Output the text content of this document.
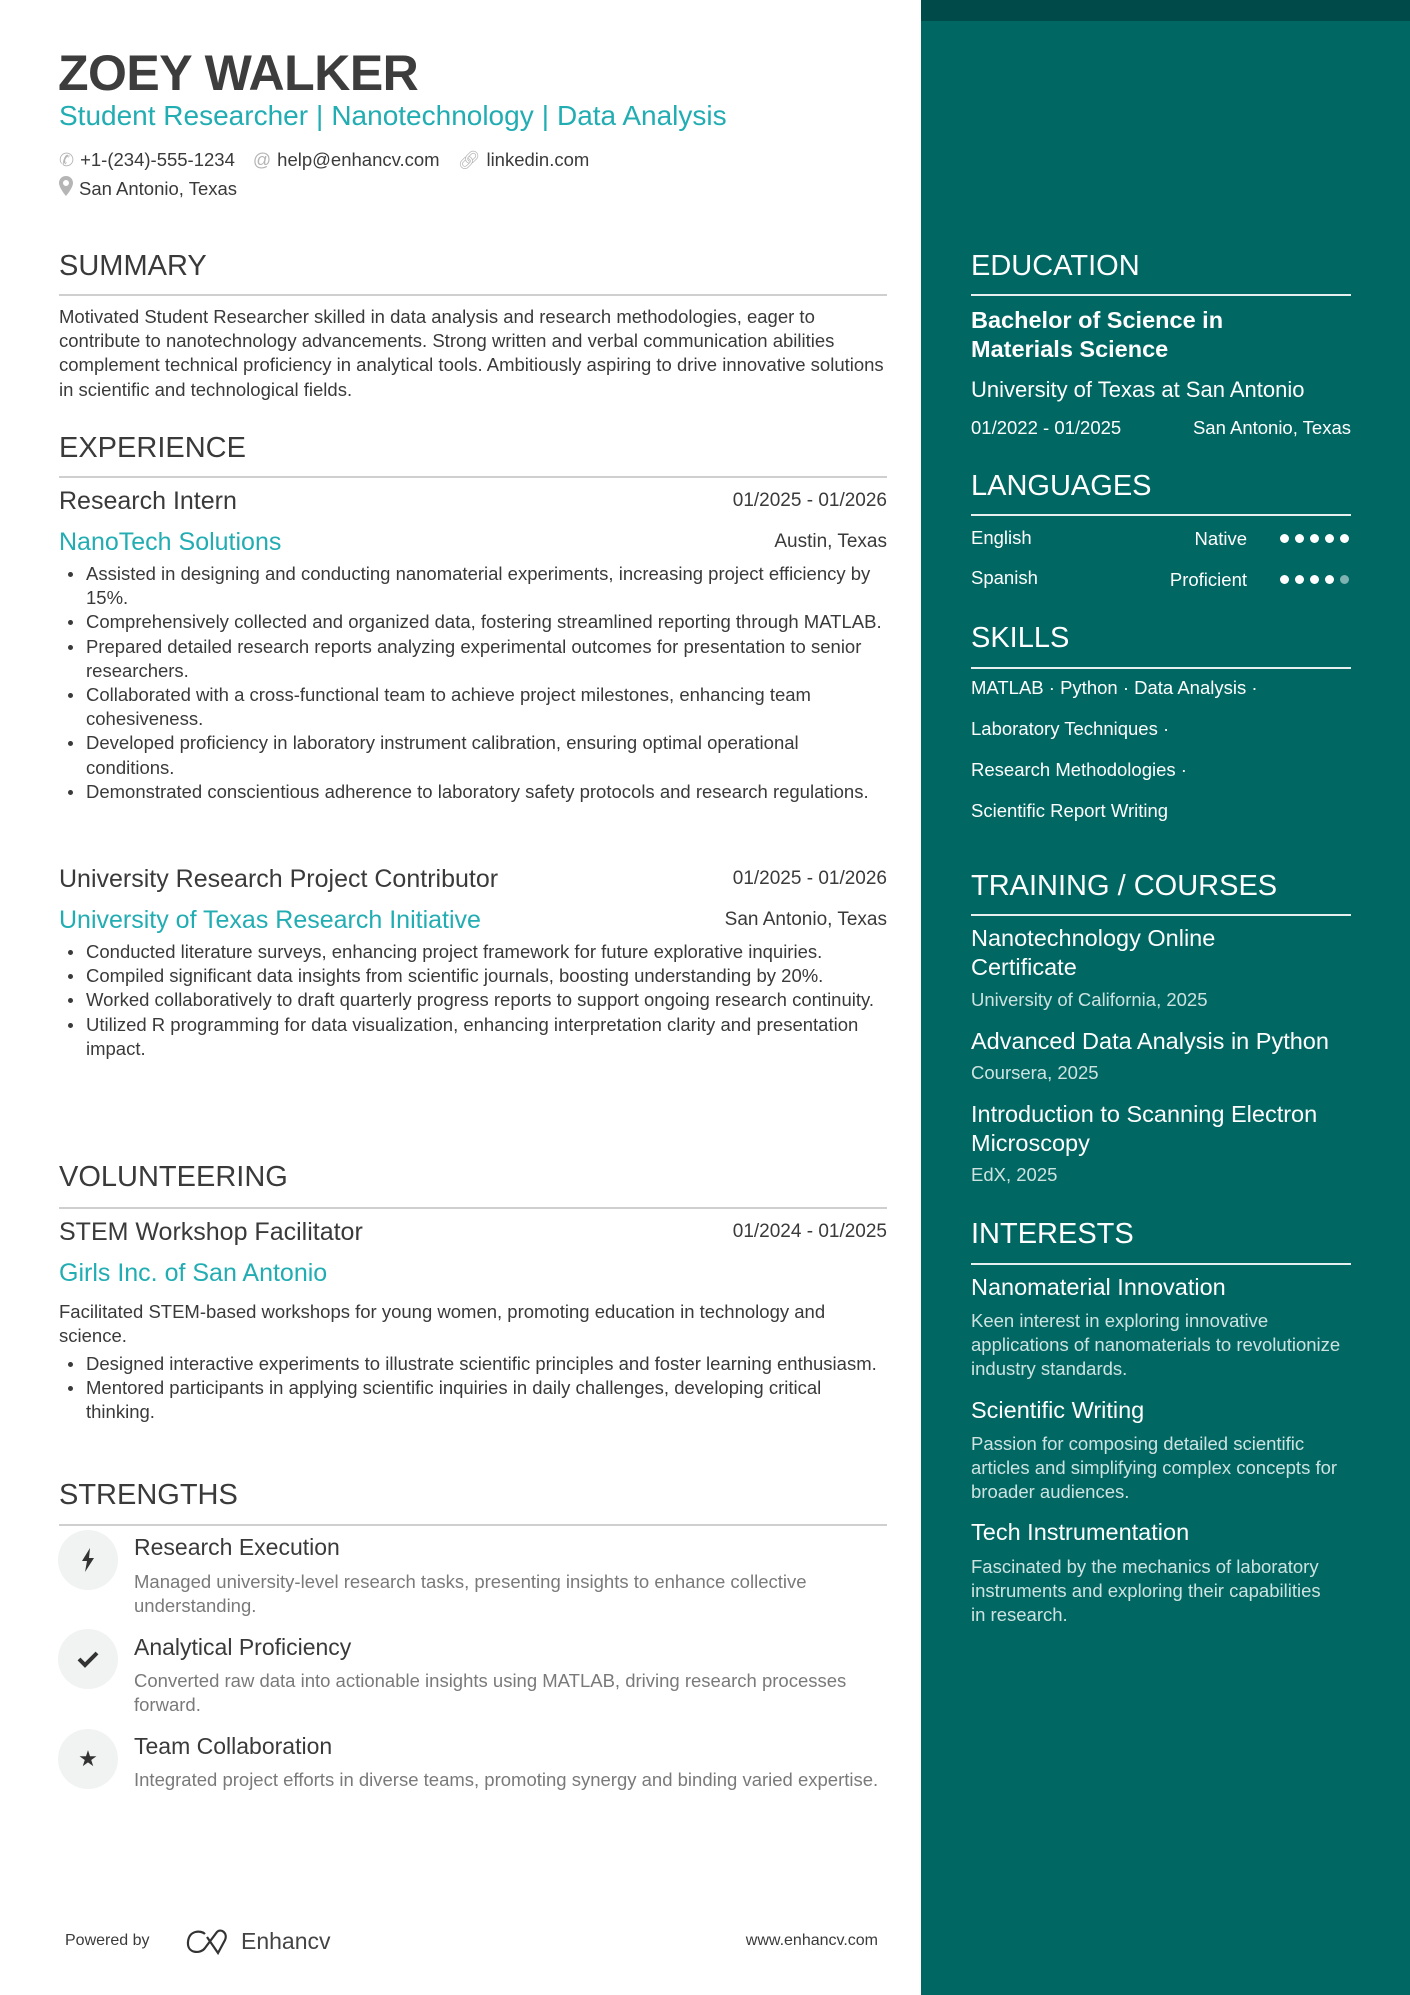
ZOEY WALKER
Student Researcher | Nanotechnology | Data Analysis
✆ +1-(234)-555-1234 @ help@enhancv.com 🔗︎ linkedin.com
San Antonio, Texas
SUMMARY
Motivated Student Researcher skilled in data analysis and research methodologies, eager to contribute to nanotechnology advancements. Strong written and verbal communication abilities complement technical proficiency in analytical tools. Ambitiously aspiring to drive innovative solutions in scientific and technological fields.
EXPERIENCE
Research Intern	01/2025 - 01/2026
NanoTech Solutions	Austin, Texas
Assisted in designing and conducting nanomaterial experiments, increasing project efficiency by 15%.
Comprehensively collected and organized data, fostering streamlined reporting through MATLAB.
Prepared detailed research reports analyzing experimental outcomes for presentation to senior researchers.
Collaborated with a cross-functional team to achieve project milestones, enhancing team cohesiveness.
Developed proficiency in laboratory instrument calibration, ensuring optimal operational conditions.
Demonstrated conscientious adherence to laboratory safety protocols and research regulations.
University Research Project Contributor	01/2025 - 01/2026
University of Texas Research Initiative	San Antonio, Texas
Conducted literature surveys, enhancing project framework for future explorative inquiries.
Compiled significant data insights from scientific journals, boosting understanding by 20%.
Worked collaboratively to draft quarterly progress reports to support ongoing research continuity.
Utilized R programming for data visualization, enhancing interpretation clarity and presentation impact.
VOLUNTEERING
STEM Workshop Facilitator	01/2024 - 01/2025
Girls Inc. of San Antonio
Facilitated STEM-based workshops for young women, promoting education in technology and science.
Designed interactive experiments to illustrate scientific principles and foster learning enthusiasm.
Mentored participants in applying scientific inquiries in daily challenges, developing critical thinking.
STRENGTHS
Research Execution
Managed university-level research tasks, presenting insights to enhance collective understanding.
Analytical Proficiency
Converted raw data into actionable insights using MATLAB, driving research processes forward.
★	Team Collaboration
Integrated project efforts in diverse teams, promoting synergy and binding varied expertise.
Powered by	Enhancv	www.enhancv.com
EDUCATION
Bachelor of Science in Materials Science
University of Texas at San Antonio
01/2022 - 01/2025	San Antonio, Texas
LANGUAGES
English	Native
Spanish	Proficient
SKILLS
MATLAB · Python · Data Analysis ·
Laboratory Techniques ·
Research Methodologies ·
Scientific Report Writing
TRAINING / COURSES
Nanotechnology Online Certificate
University of California, 2025
Advanced Data Analysis in Python
Coursera, 2025
Introduction to Scanning Electron Microscopy
EdX, 2025
INTERESTS
Nanomaterial Innovation
Keen interest in exploring innovative applications of nanomaterials to revolutionize industry standards.
Scientific Writing
Passion for composing detailed scientific articles and simplifying complex concepts for broader audiences.
Tech Instrumentation
Fascinated by the mechanics of laboratory instruments and exploring their capabilities in research.
